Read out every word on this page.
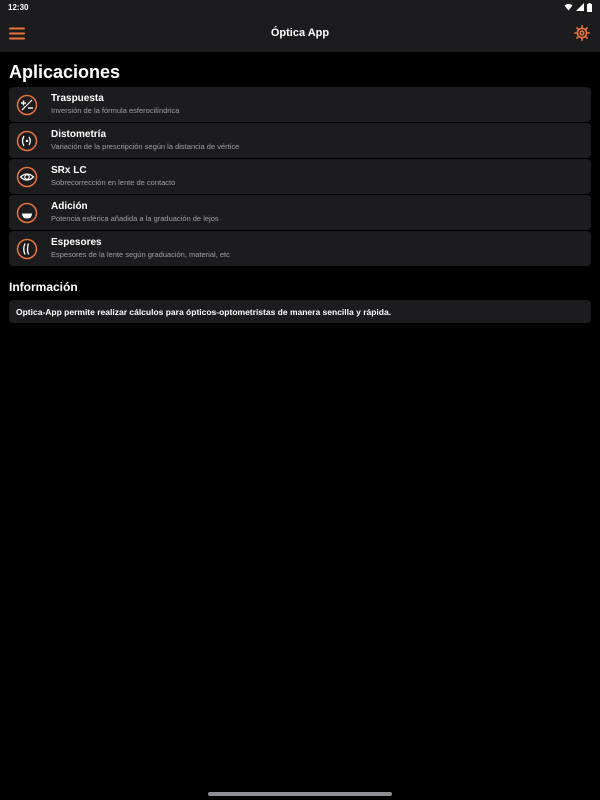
12:30
Óptica App
Aplicaciones
Traspuesta
Inversión de la fórmula esferocilíndrica
Distometría
Variación de la prescripción según la distancia de vértice
SRx LC
Sobrecorrección en lente de contacto
Adición
Potencia esférica añadida a la graduación de lejos
Espesores
Espesores de la lente según graduación, material, etc
Información
Optica-App permite realizar cálculos para ópticos-optometristas de manera sencilla y rápida.
